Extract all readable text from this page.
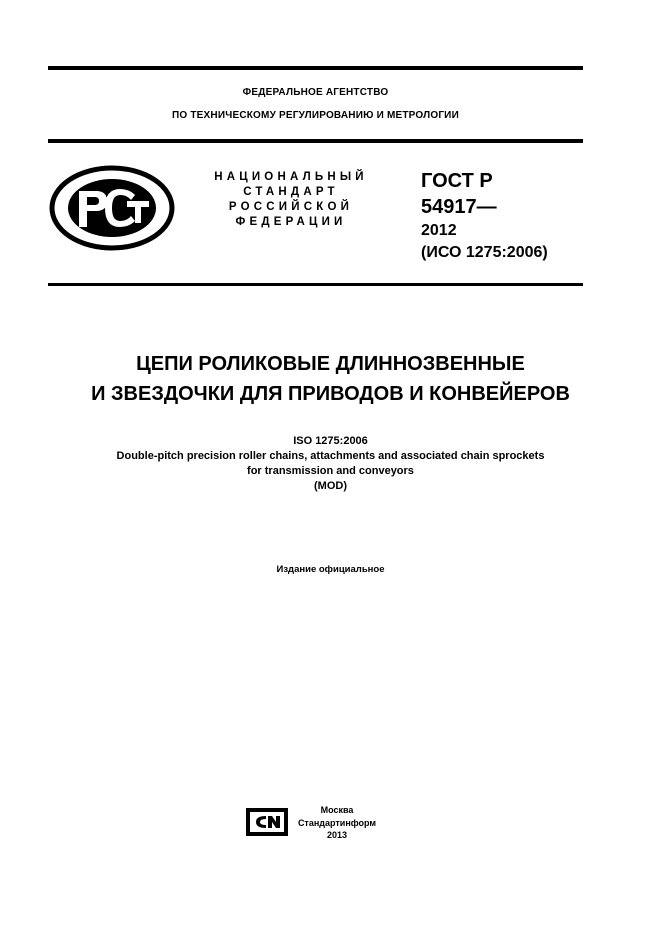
ФЕДЕРАЛЬНОЕ АГЕНТСТВО
ПО ТЕХНИЧЕСКОМУ РЕГУЛИРОВАНИЮ И МЕТРОЛОГИИ
НАЦИОНАЛЬНЫЙ
СТАНДАРТ
РОССИЙСКОЙ
ФЕДЕРАЦИИ
ГОСТ Р
54917—
2012
(ИСО 1275:2006)
ЦЕПИ РОЛИКОВЫЕ ДЛИННОЗВЕННЫЕ
И ЗВЕЗДОЧКИ ДЛЯ ПРИВОДОВ И КОНВЕЙЕРОВ
ISO 1275:2006
Double-pitch precision roller chains, attachments and associated chain sprockets
for transmission and conveyors
(MOD)
Издание официальное
Москва
Стандартинформ
2013
